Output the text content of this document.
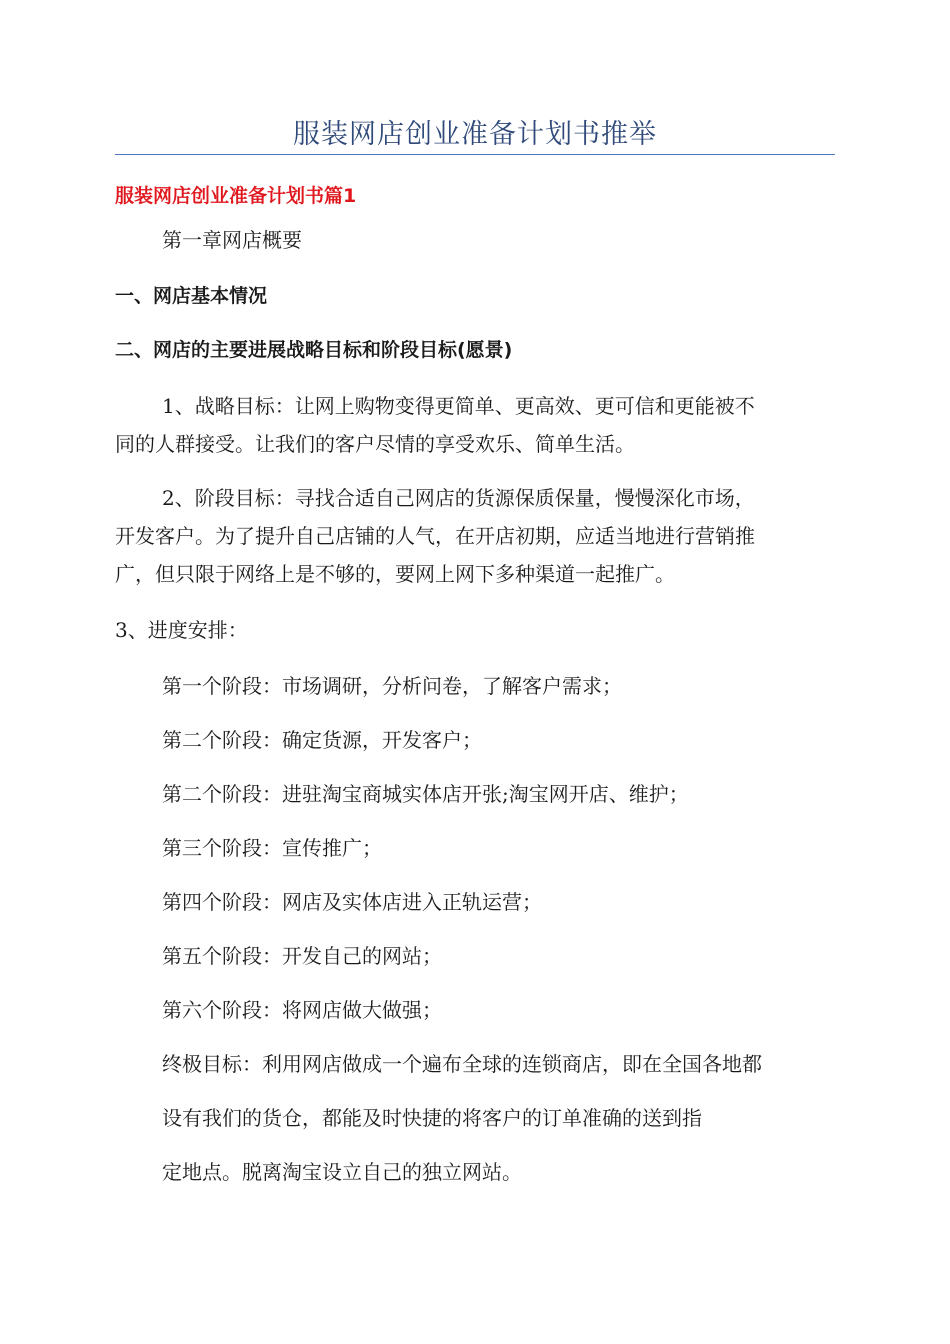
服装网店创业准备计划书推举
服装网店创业准备计划书篇1
第一章网店概要
一、网店基本情况
二、网店的主要进展战略目标和阶段目标(愿景)
1、战略目标：让网上购物变得更简单、更高效、更可信和更能被不
同的人群接受。让我们的客户尽情的享受欢乐、简单生活。
2、阶段目标：寻找合适自己网店的货源保质保量，慢慢深化市场，
开发客户。为了提升自己店铺的人气，在开店初期，应适当地进行营销推
广，但只限于网络上是不够的，要网上网下多种渠道一起推广。
3、进度安排：
第一个阶段：市场调研，分析问卷，了解客户需求；
第二个阶段：确定货源，开发客户；
第二个阶段：进驻淘宝商城实体店开张;淘宝网开店、维护；
第三个阶段：宣传推广；
第四个阶段：网店及实体店进入正轨运营；
第五个阶段：开发自己的网站；
第六个阶段：将网店做大做强；
终极目标：利用网店做成一个遍布全球的连锁商店，即在全国各地都
设有我们的货仓，都能及时快捷的将客户的订单准确的送到指
定地点。脱离淘宝设立自己的独立网站。
